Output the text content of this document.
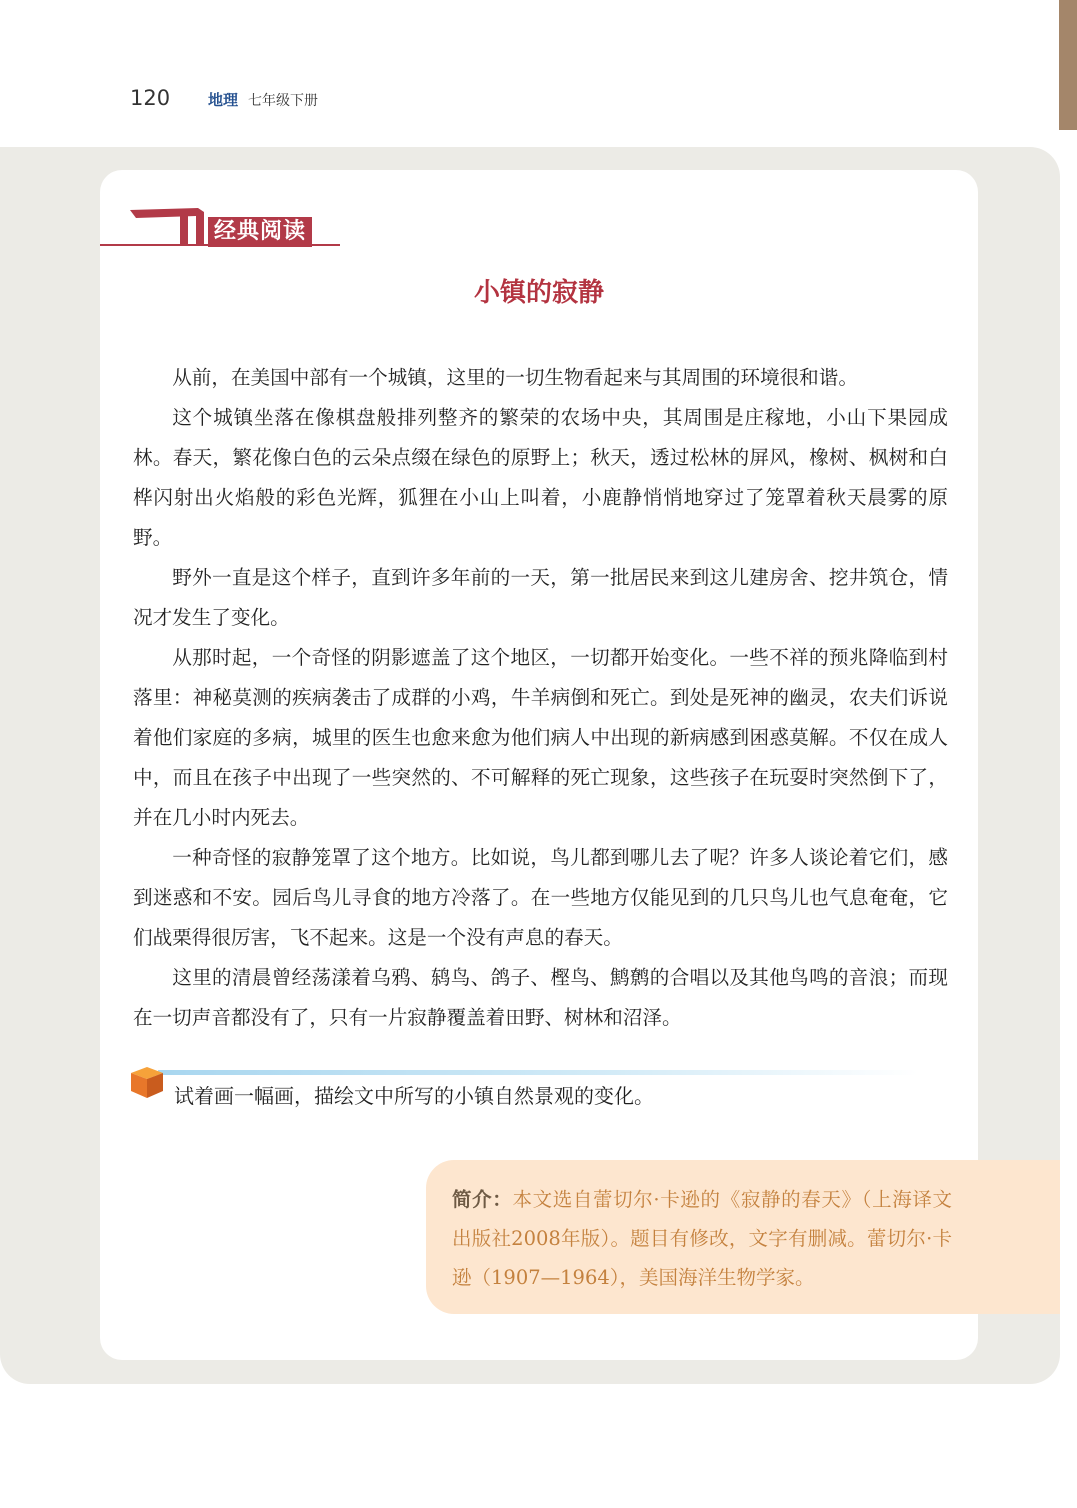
120	地理 七年级下册
经典阅读
小镇的寂静

从前，在美国中部有一个城镇，这里的一切生物看起来与其周围的环境很和谐。

这个城镇坐落在像棋盘般排列整齐的繁荣的农场中央，其周围是庄稼地，小山下果园成林。春天，繁花像白色的云朵点缀在绿色的原野上；秋天，透过松林的屏风，橡树、枫树和白桦闪射出火焰般的彩色光辉，狐狸在小山上叫着，小鹿静悄悄地穿过了笼罩着秋天晨雾的原野。

野外一直是这个样子，直到许多年前的一天，第一批居民来到这儿建房舍、挖井筑仓，情况才发生了变化。

从那时起，一个奇怪的阴影遮盖了这个地区，一切都开始变化。一些不祥的预兆降临到村落里：神秘莫测的疾病袭击了成群的小鸡，牛羊病倒和死亡。到处是死神的幽灵，农夫们诉说着他们家庭的多病，城里的医生也愈来愈为他们病人中出现的新病感到困惑莫解。不仅在成人中，而且在孩子中出现了一些突然的、不可解释的死亡现象，这些孩子在玩耍时突然倒下了，并在几小时内死去。

一种奇怪的寂静笼罩了这个地方。比如说，鸟儿都到哪儿去了呢？许多人谈论着它们，感到迷惑和不安。园后鸟儿寻食的地方冷落了。在一些地方仅能见到的几只鸟儿也气息奄奄，它们战栗得很厉害，飞不起来。这是一个没有声息的春天。

这里的清晨曾经荡漾着乌鸦、鸫鸟、鸽子、樫鸟、鹪鹩的合唱以及其他鸟鸣的音浪；而现在一切声音都没有了，只有一片寂静覆盖着田野、树林和沼泽。

试着画一幅画，描绘文中所写的小镇自然景观的变化。
简介：本文选自蕾切尔·卡逊的《寂静的春天》（上海译文出版社2008年版）。题目有修改，文字有删减。蕾切尔·卡逊（1907—1964），美国海洋生物学家。
